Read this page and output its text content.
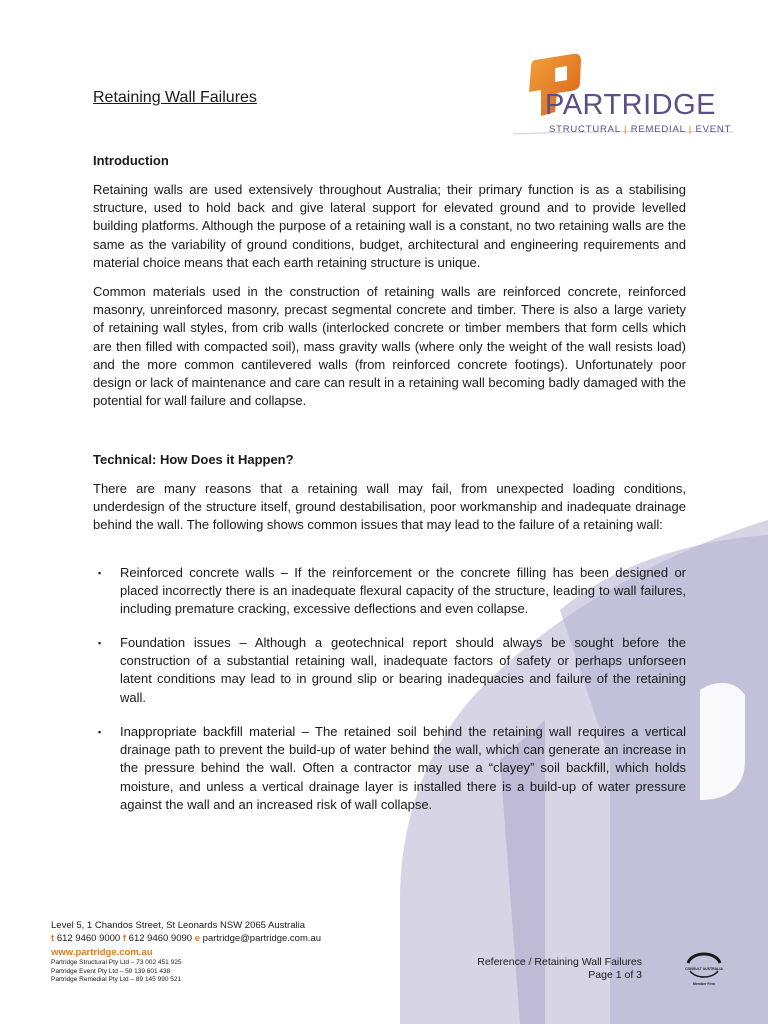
Retaining Wall Failures	PARTRIDGE
STRUCTURAL | REMEDIAL | EVENT
Introduction

Retaining walls are used extensively throughout Australia; their primary function is as a stabilising structure, used to hold back and give lateral support for elevated ground and to provide levelled building platforms. Although the purpose of a retaining wall is a constant, no two retaining walls are the same as the variability of ground conditions, budget, architectural and engineering requirements and material choice means that each earth retaining structure is unique.

Common materials used in the construction of retaining walls are reinforced concrete, reinforced masonry, unreinforced masonry, precast segmental concrete and timber. There is also a large variety of retaining wall styles, from crib walls (interlocked concrete or timber members that form cells which are then filled with compacted soil), mass gravity walls (where only the weight of the wall resists load) and the more common cantilevered walls (from reinforced concrete footings). Unfortunately poor design or lack of maintenance and care can result in a retaining wall becoming badly damaged with the potential for wall failure and collapse.

Technical: How Does it Happen?

There are many reasons that a retaining wall may fail, from unexpected loading conditions, underdesign of the structure itself, ground destabilisation, poor workmanship and inadequate drainage behind the wall. The following shows common issues that may lead to the failure of a retaining wall:

▪ Reinforced concrete walls – If the reinforcement or the concrete filling has been designed or placed incorrectly there is an inadequate flexural capacity of the structure, leading to wall failures, including premature cracking, excessive deflections and even collapse.
▪ Foundation issues – Although a geotechnical report should always be sought before the construction of a substantial retaining wall, inadequate factors of safety or perhaps unforseen latent conditions may lead to in ground slip or bearing inadequacies and failure of the retaining wall.
▪ Inappropriate backfill material – The retained soil behind the retaining wall requires a vertical drainage path to prevent the build-up of water behind the wall, which can generate an increase in the pressure behind the wall. Often a contractor may use a “clayey” soil backfill, which holds moisture, and unless a vertical drainage layer is installed there is a build-up of water pressure against the wall and an increased risk of wall collapse.
Level 5, 1 Chandos Street, St Leonards NSW 2065 Australia
t 612 9460 9000 f 612 9460 9090 e partridge@partridge.com.au
www.partridge.com.au
Partridge Structural Pty Ltd – 73 002 451 925
Partridge Event Pty Ltd – 50 139 601 438
Partridge Remedial Pty Ltd – 89 145 990 521
Reference / Retaining Wall Failures
Page 1 of 3	CONSULT AUSTRALIA
Member Firm
